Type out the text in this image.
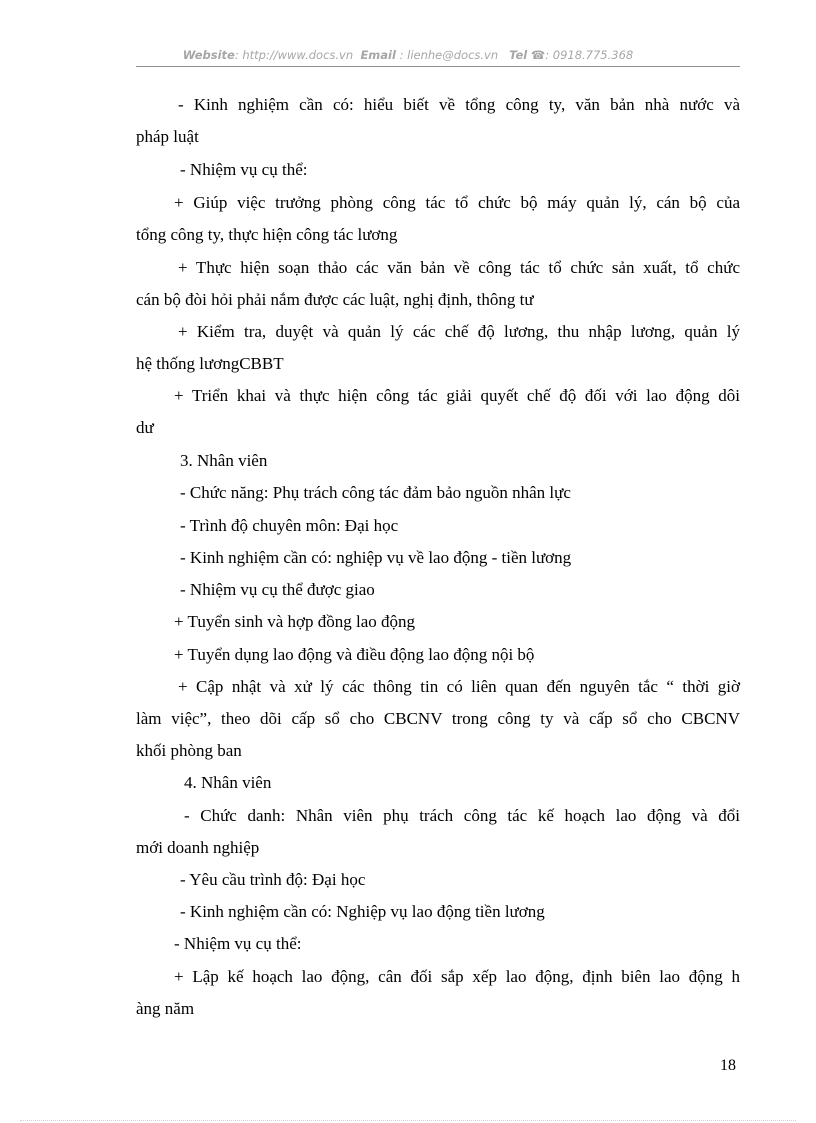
Website: http://www.docs.vn Email : lienhe@docs.vn Tel ☎: 0918.775.368

- Kinh nghiệm cần có: hiểu biết về tổng công ty, văn bản nhà nước và

pháp luật

- Nhiệm vụ cụ thể:

+ Giúp việc trưởng phòng công tác tổ chức bộ máy quản lý, cán bộ của

tổng công ty, thực hiện công tác lương

+ Thực hiện soạn thảo các văn bản về công tác tổ chức sản xuất, tổ chức

cán bộ đòi hỏi phải nắm được các luật, nghị định, thông tư

+ Kiểm tra, duyệt và quản lý các chế độ lương, thu nhập lương, quản lý

hệ thống lươngCBBT

+ Triển khai và thực hiện công tác giải quyết chế độ đối với lao động dôi

dư

3. Nhân viên

- Chức năng: Phụ trách công tác đảm bảo nguồn nhân lực

- Trình độ chuyên môn: Đại học

- Kinh nghiệm cần có: nghiệp vụ về lao động - tiền lương

- Nhiệm vụ cụ thể được giao

+ Tuyển sinh và hợp đồng lao động

+ Tuyển dụng lao động và điều động lao động nội bộ

+ Cập nhật và xử lý các thông tin có liên quan đến nguyên tắc “ thời giờ

làm việc”, theo dõi cấp sổ cho CBCNV trong công ty và cấp sổ cho CBCNV

khối phòng ban

4. Nhân viên

- Chức danh: Nhân viên phụ trách công tác kế hoạch lao động và đổi

mới doanh nghiệp

- Yêu cầu trình độ: Đại học

- Kinh nghiệm cần có: Nghiệp vụ lao động tiền lương

- Nhiệm vụ cụ thể:

+ Lập kế hoạch lao động, cân đối sắp xếp lao động, định biên lao động h

àng năm

18
